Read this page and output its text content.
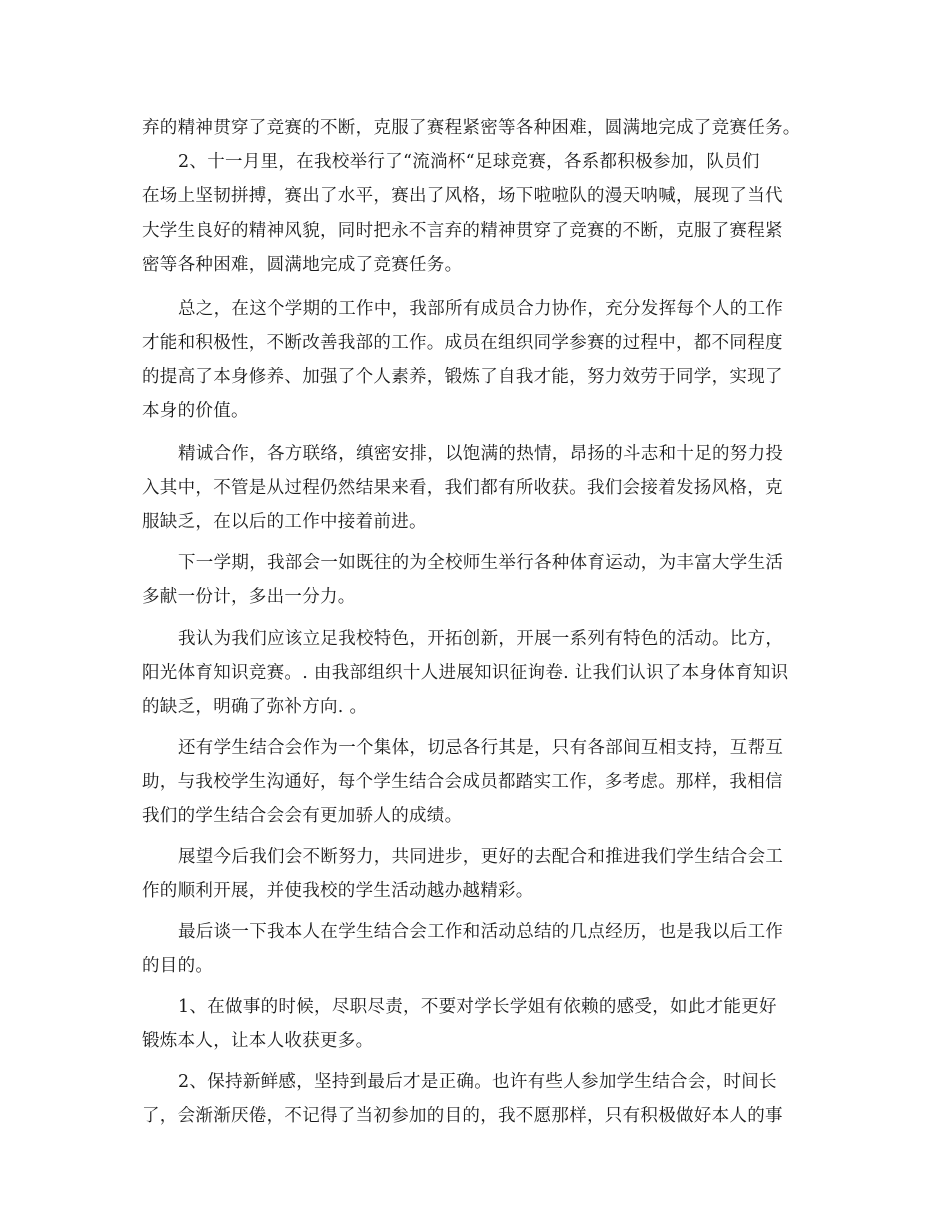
弃的精神贯穿了竞赛的不断，克服了赛程紧密等各种困难，圆满地完成了竞赛任务。
2、十一月里，在我校举行了“流淌杯“足球竞赛，各系都积极参加，队员们
在场上坚韧拼搏，赛出了水平，赛出了风格，场下啦啦队的漫天呐喊，展现了当代
大学生良好的精神风貌，同时把永不言弃的精神贯穿了竞赛的不断，克服了赛程紧
密等各种困难，圆满地完成了竞赛任务。
总之，在这个学期的工作中，我部所有成员合力协作，充分发挥每个人的工作
才能和积极性，不断改善我部的工作。成员在组织同学参赛的过程中，都不同程度
的提高了本身修养、加强了个人素养，锻炼了自我才能，努力效劳于同学，实现了
本身的价值。
精诚合作，各方联络，缜密安排，以饱满的热情，昂扬的斗志和十足的努力投
入其中，不管是从过程仍然结果来看，我们都有所收获。我们会接着发扬风格，克
服缺乏，在以后的工作中接着前进。
下一学期，我部会一如既往的为全校师生举行各种体育运动，为丰富大学生活
多献一份计，多出一分力。
我认为我们应该立足我校特色，开拓创新，开展一系列有特色的活动。比方，
阳光体育知识竞赛。. 由我部组织十人进展知识征询卷. 让我们认识了本身体育知识
的缺乏，明确了弥补方向. 。
还有学生结合会作为一个集体，切忌各行其是，只有各部间互相支持，互帮互
助，与我校学生沟通好，每个学生结合会成员都踏实工作，多考虑。那样，我相信
我们的学生结合会会有更加骄人的成绩。
展望今后我们会不断努力，共同进步，更好的去配合和推进我们学生结合会工
作的顺利开展，并使我校的学生活动越办越精彩。
最后谈一下我本人在学生结合会工作和活动总结的几点经历，也是我以后工作
的目的。
1、在做事的时候，尽职尽责，不要对学长学姐有依赖的感受，如此才能更好
锻炼本人，让本人收获更多。
2、保持新鲜感，坚持到最后才是正确。也许有些人参加学生结合会，时间长
了，会渐渐厌倦，不记得了当初参加的目的，我不愿那样，只有积极做好本人的事
